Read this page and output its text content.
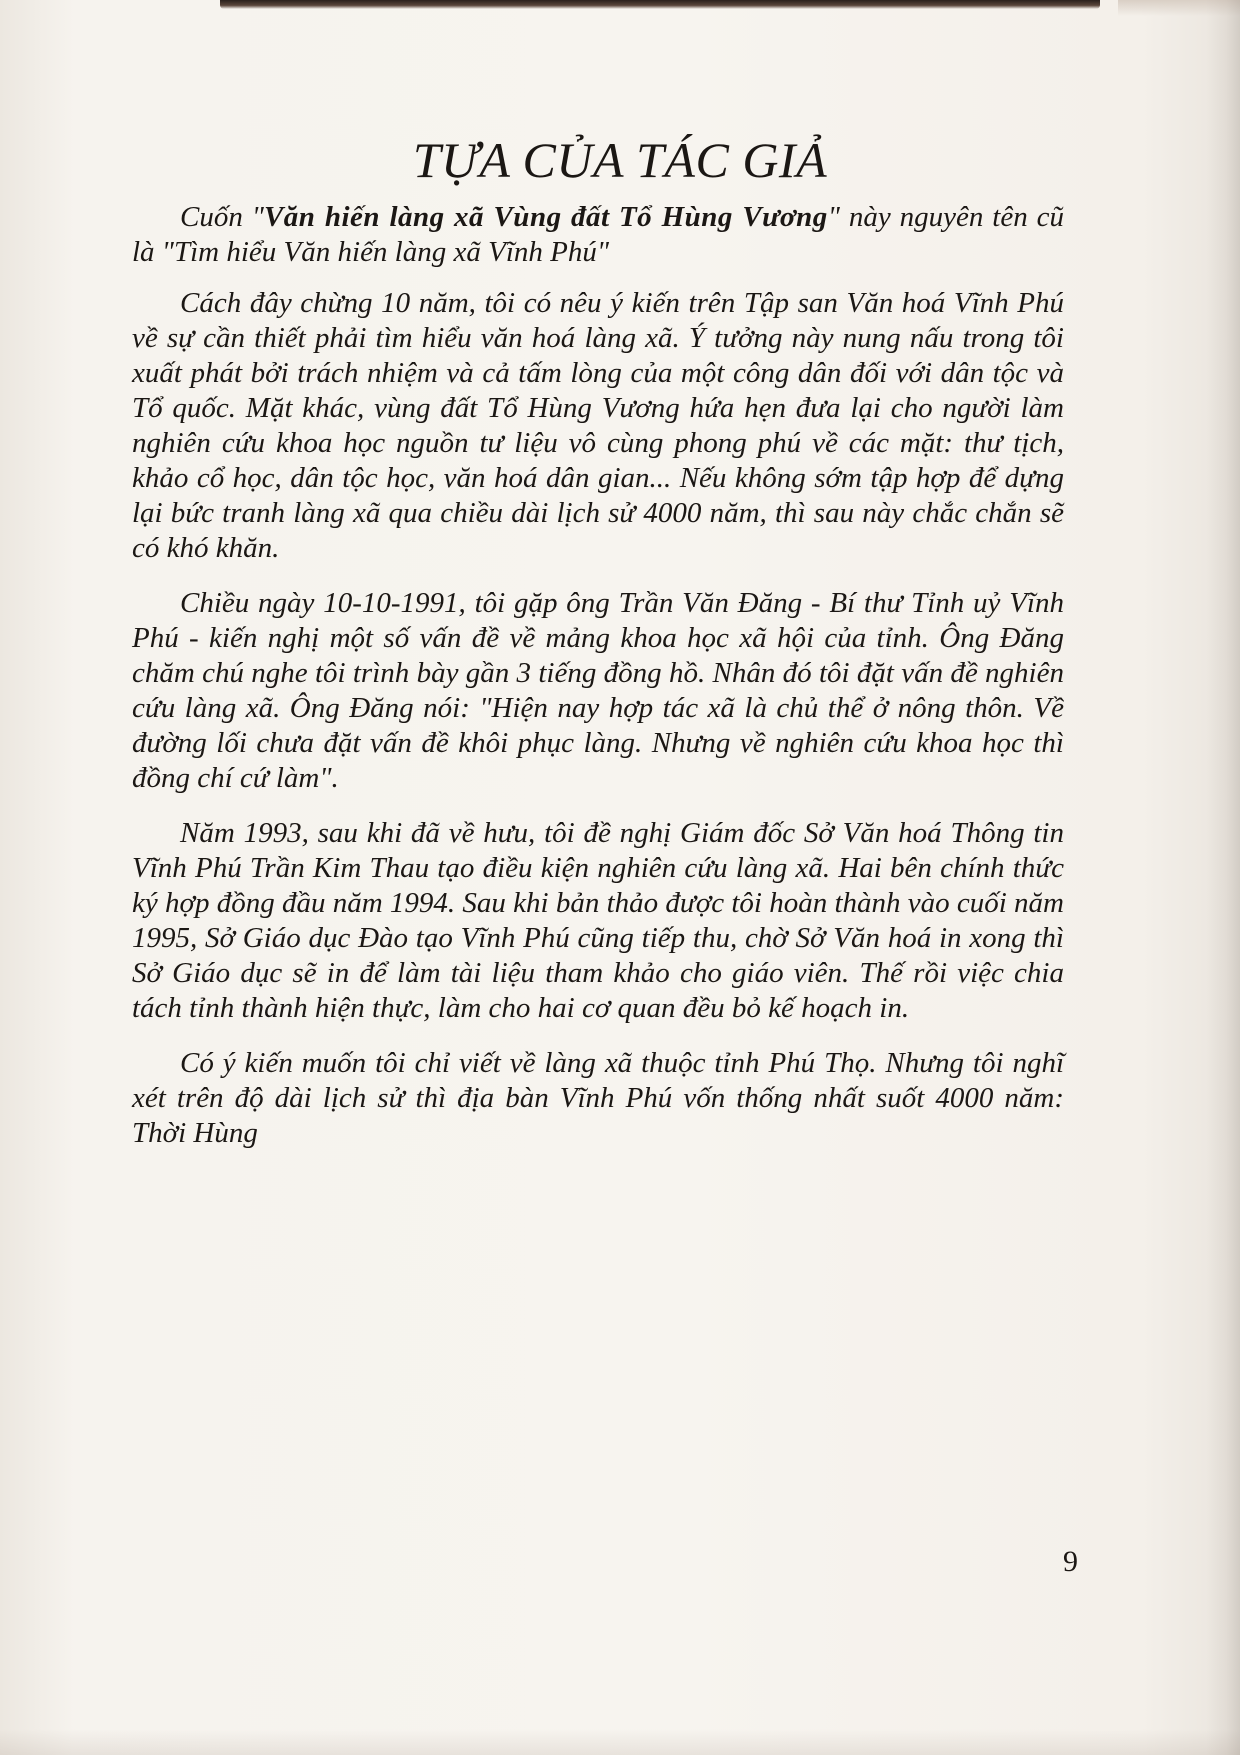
TỰA CỦA TÁC GIẢ

Cuốn "Văn hiến làng xã Vùng đất Tổ Hùng Vương" này nguyên tên cũ là "Tìm hiểu Văn hiến làng xã Vĩnh Phú"

Cách đây chừng 10 năm, tôi có nêu ý kiến trên Tập san Văn hoá Vĩnh Phú về sự cần thiết phải tìm hiểu văn hoá làng xã. Ý tưởng này nung nấu trong tôi xuất phát bởi trách nhiệm và cả tấm lòng của một công dân đối với dân tộc và Tổ quốc. Mặt khác, vùng đất Tổ Hùng Vương hứa hẹn đưa lại cho người làm nghiên cứu khoa học nguồn tư liệu vô cùng phong phú về các mặt: thư tịch, khảo cổ học, dân tộc học, văn hoá dân gian... Nếu không sớm tập hợp để dựng lại bức tranh làng xã qua chiều dài lịch sử 4000 năm, thì sau này chắc chắn sẽ có khó khăn.

Chiều ngày 10-10-1991, tôi gặp ông Trần Văn Đăng - Bí thư Tỉnh uỷ Vĩnh Phú - kiến nghị một số vấn đề về mảng khoa học xã hội của tỉnh. Ông Đăng chăm chú nghe tôi trình bày gần 3 tiếng đồng hồ. Nhân đó tôi đặt vấn đề nghiên cứu làng xã. Ông Đăng nói: "Hiện nay hợp tác xã là chủ thể ở nông thôn. Về đường lối chưa đặt vấn đề khôi phục làng. Nhưng về nghiên cứu khoa học thì đồng chí cứ làm".

Năm 1993, sau khi đã về hưu, tôi đề nghị Giám đốc Sở Văn hoá Thông tin Vĩnh Phú Trần Kim Thau tạo điều kiện nghiên cứu làng xã. Hai bên chính thức ký hợp đồng đầu năm 1994. Sau khi bản thảo được tôi hoàn thành vào cuối năm 1995, Sở Giáo dục Đào tạo Vĩnh Phú cũng tiếp thu, chờ Sở Văn hoá in xong thì Sở Giáo dục sẽ in để làm tài liệu tham khảo cho giáo viên. Thế rồi việc chia tách tỉnh thành hiện thực, làm cho hai cơ quan đều bỏ kế hoạch in.

Có ý kiến muốn tôi chỉ viết về làng xã thuộc tỉnh Phú Thọ. Nhưng tôi nghĩ xét trên độ dài lịch sử thì địa bàn Vĩnh Phú vốn thống nhất suốt 4000 năm: Thời Hùng

9
